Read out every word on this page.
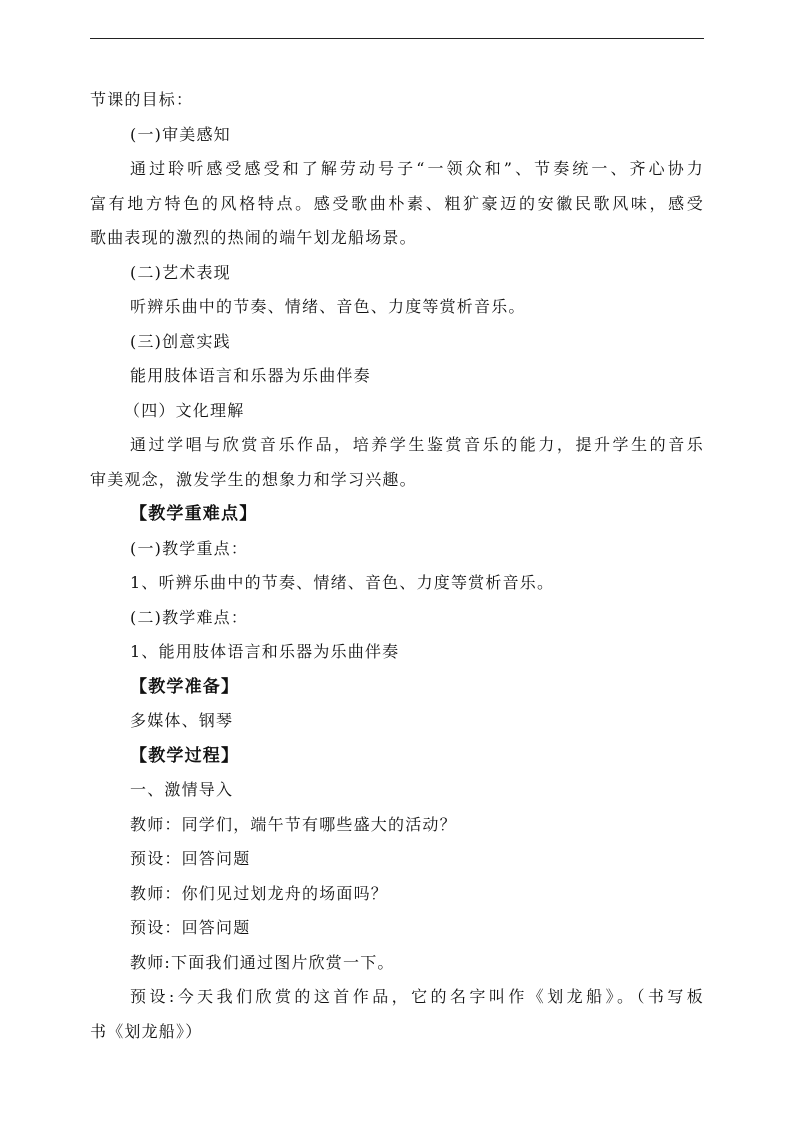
节课的目标：
(一)审美感知
通过聆听感受感受和了解劳动号子“一领众和”、节奏统一、齐心协力
富有地方特色的风格特点。感受歌曲朴素、粗犷豪迈的安徽民歌风味，感受
歌曲表现的激烈的热闹的端午划龙船场景。
(二)艺术表现
听辨乐曲中的节奏、情绪、音色、力度等赏析音乐。
(三)创意实践
能用肢体语言和乐器为乐曲伴奏
（四）文化理解
通过学唱与欣赏音乐作品，培养学生鉴赏音乐的能力，提升学生的音乐
审美观念，激发学生的想象力和学习兴趣。
【教学重难点】
(一)教学重点：
1、听辨乐曲中的节奏、情绪、音色、力度等赏析音乐。
(二)教学难点：
1、能用肢体语言和乐器为乐曲伴奏
【教学准备】
多媒体、钢琴
【教学过程】
一、激情导入
教师：同学们，端午节有哪些盛大的活动？
预设：回答问题
教师：你们见过划龙舟的场面吗？
预设：回答问题
教师:下面我们通过图片欣赏一下。
预设:今天我们欣赏的这首作品，它的名字叫作《划龙船》。（书写板
书《划龙船》）
